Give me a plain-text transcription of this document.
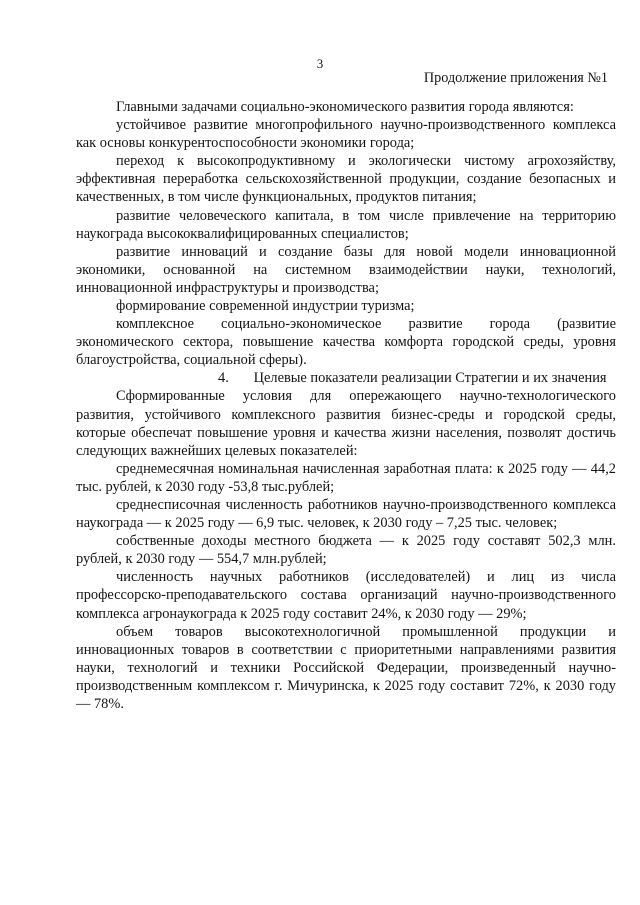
3
Продолжение приложения №1

Главными задачами социально-экономического развития города являются:

устойчивое развитие многопрофильного научно-производственного комплекса как основы конкурентоспособности экономики города;

переход к высокопродуктивному и экологически чистому агрохозяйству, эффективная переработка сельскохозяйственной продукции, создание безопасных и качественных, в том числе функциональных, продуктов питания;

развитие человеческого капитала, в том числе привлечение на территорию наукограда высококвалифицированных специалистов;

развитие инноваций и создание базы для новой модели инновационной экономики, основанной на системном взаимодействии науки, технологий, инновационной инфраструктуры и производства;

формирование современной индустрии туризма;

комплексное социально-экономическое развитие города (развитие экономического сектора, повышение качества комфорта городской среды, уровня благоустройства, социальной сферы).

4. Целевые показатели реализации Стратегии и их значения

Сформированные условия для опережающего научно-технологического развития, устойчивого комплексного развития бизнес-среды и городской среды, которые обеспечат повышение уровня и качества жизни населения, позволят достичь следующих важнейших целевых показателей:

среднемесячная номинальная начисленная заработная плата: к 2025 году — 44,2 тыс. рублей, к 2030 году -53,8 тыс.рублей;

среднесписочная численность работников научно-производственного комплекса наукограда — к 2025 году — 6,9 тыс. человек, к 2030 году – 7,25 тыс. человек;

собственные доходы местного бюджета — к 2025 году составят 502,3 млн. рублей, к 2030 году — 554,7 млн.рублей;

численность научных работников (исследователей) и лиц из числа профессорско-преподавательского состава организаций научно-производственного комплекса агронаукограда к 2025 году составит 24%, к 2030 году — 29%;

объем товаров высокотехнологичной промышленной продукции и инновационных товаров в соответствии с приоритетными направлениями развития науки, технологий и техники Российской Федерации, произведенный научно-производственным комплексом г. Мичуринска, к 2025 году составит 72%, к 2030 году — 78%.
